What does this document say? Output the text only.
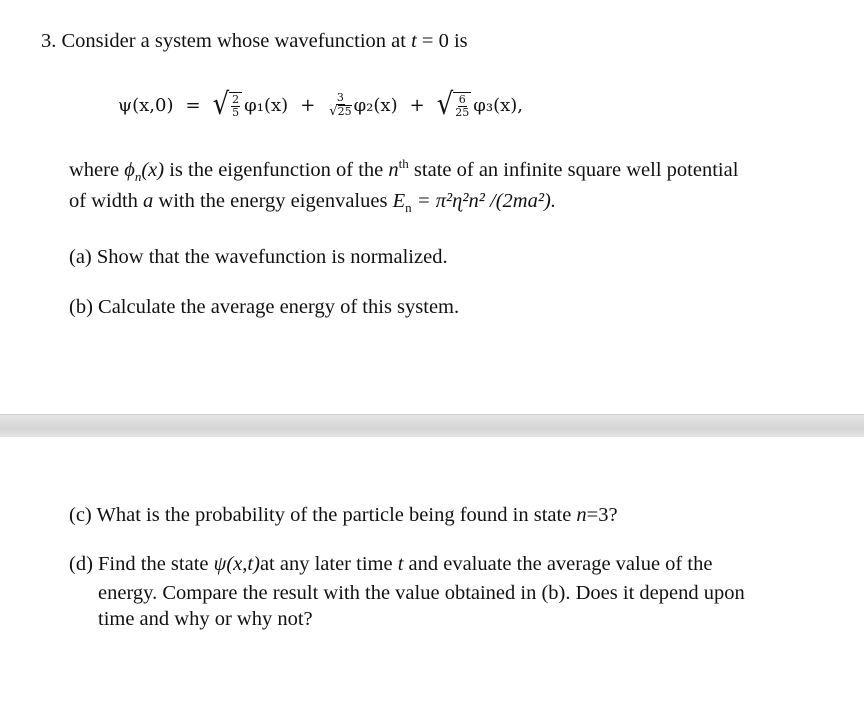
3. Consider a system whose wavefunction at t = 0 is
ψ(x,0) = √ $\frac{2}{5} \varphi_1(x) + \frac{3}{√ 25} \varphi_2(x)$ + √ $\frac{6}{25} \varphi_3(x)$,
where $\phi_n(x)$ is the eigenfunction of the $n^{th}$ state of an infinite square well potential
of width a with the energy eigenvalues $E_n$ = π²ɳ²n² /(2ma²).
(a) Show that the wavefunction is normalized.
(b) Calculate the average energy of this system.
(c) What is the probability of the particle being found in state n=3?
(d) Find the state ψ(x,t)at any later time t and evaluate the average value of the
energy. Compare the result with the value obtained in (b). Does it depend upon
time and why or why not?
